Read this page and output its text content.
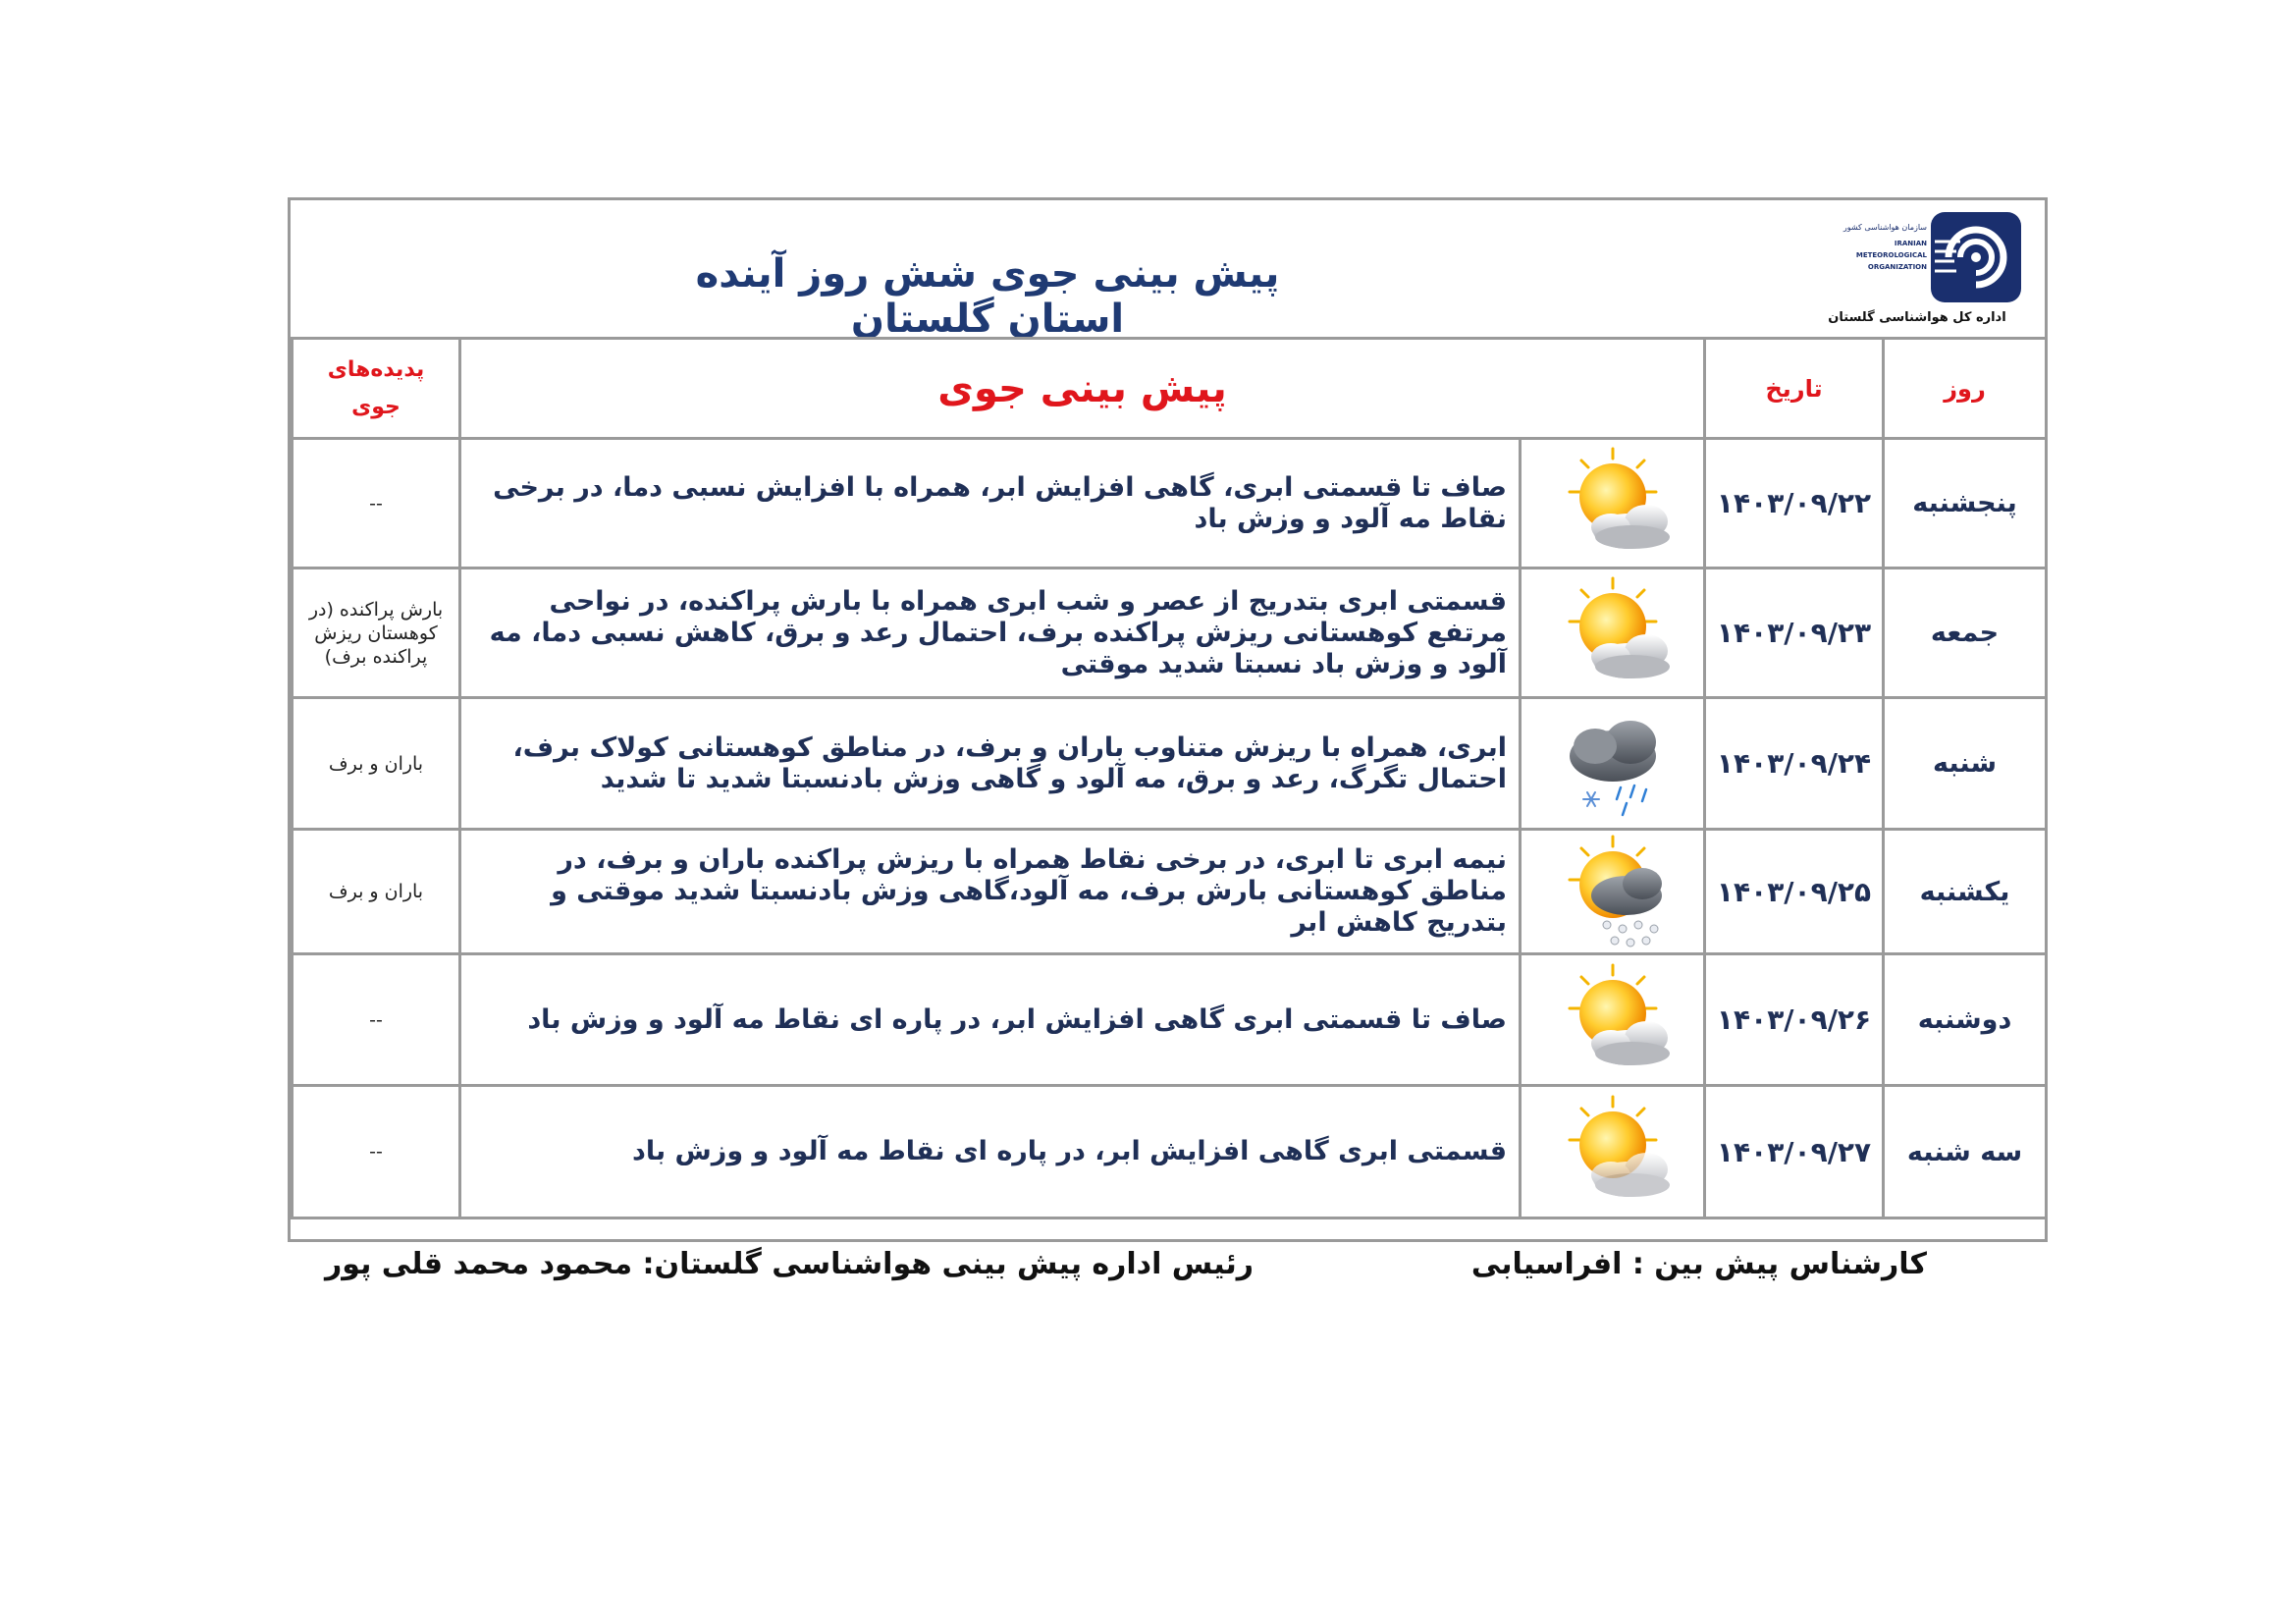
پیش بینی جوی شش روز آینده استان گلستان
سازمان هواشناسی کشور
IRANIAN
METEOROLOGICAL
ORGANIZATION
اداره کل هواشناسی گلستان
روز	تاریخ	پیش بینی جوی		پدیده‌های
جوی

پنجشنبه	۱۴۰۳/۰۹/۲۲		صاف تا قسمتی ابری، گاهی افزایش ابر، همراه با افزایش نسبی دما، در برخی نقاط مه آلود و وزش باد	--
جمعه	۱۴۰۳/۰۹/۲۳		قسمتی ابری بتدریج از عصر و شب ابری همراه با بارش پراکنده، در نواحی مرتفع کوهستانی ریزش پراکنده برف، احتمال رعد و برق، کاهش نسبی دما، مه آلود و وزش باد نسبتا شدید موقتی	بارش پراکنده (در کوهستان ریزش پراکنده برف)
شنبه	۱۴۰۳/۰۹/۲۴		ابری، همراه با ریزش متناوب باران و برف، در مناطق کوهستانی کولاک برف، احتمال تگرگ، رعد و برق، مه آلود و گاهی وزش بادنسبتا شدید تا شدید	باران و برف
یکشنبه	۱۴۰۳/۰۹/۲۵		نیمه ابری تا ابری، در برخی نقاط همراه با ریزش پراکنده باران و برف، در مناطق کوهستانی بارش برف، مه آلود،گاهی وزش بادنسبتا شدید موقتی و بتدریج کاهش ابر	باران و برف
دوشنبه	۱۴۰۳/۰۹/۲۶		صاف تا قسمتی ابری گاهی افزایش ابر، در پاره ای نقاط مه آلود و وزش باد	--
سه شنبه	۱۴۰۳/۰۹/۲۷		قسمتی ابری گاهی افزایش ابر، در پاره ای نقاط مه آلود و وزش باد	--
کارشناس پیش بین : افراسیابی
رئیس اداره پیش بینی هواشناسی گلستان: محمود محمد قلی پور
